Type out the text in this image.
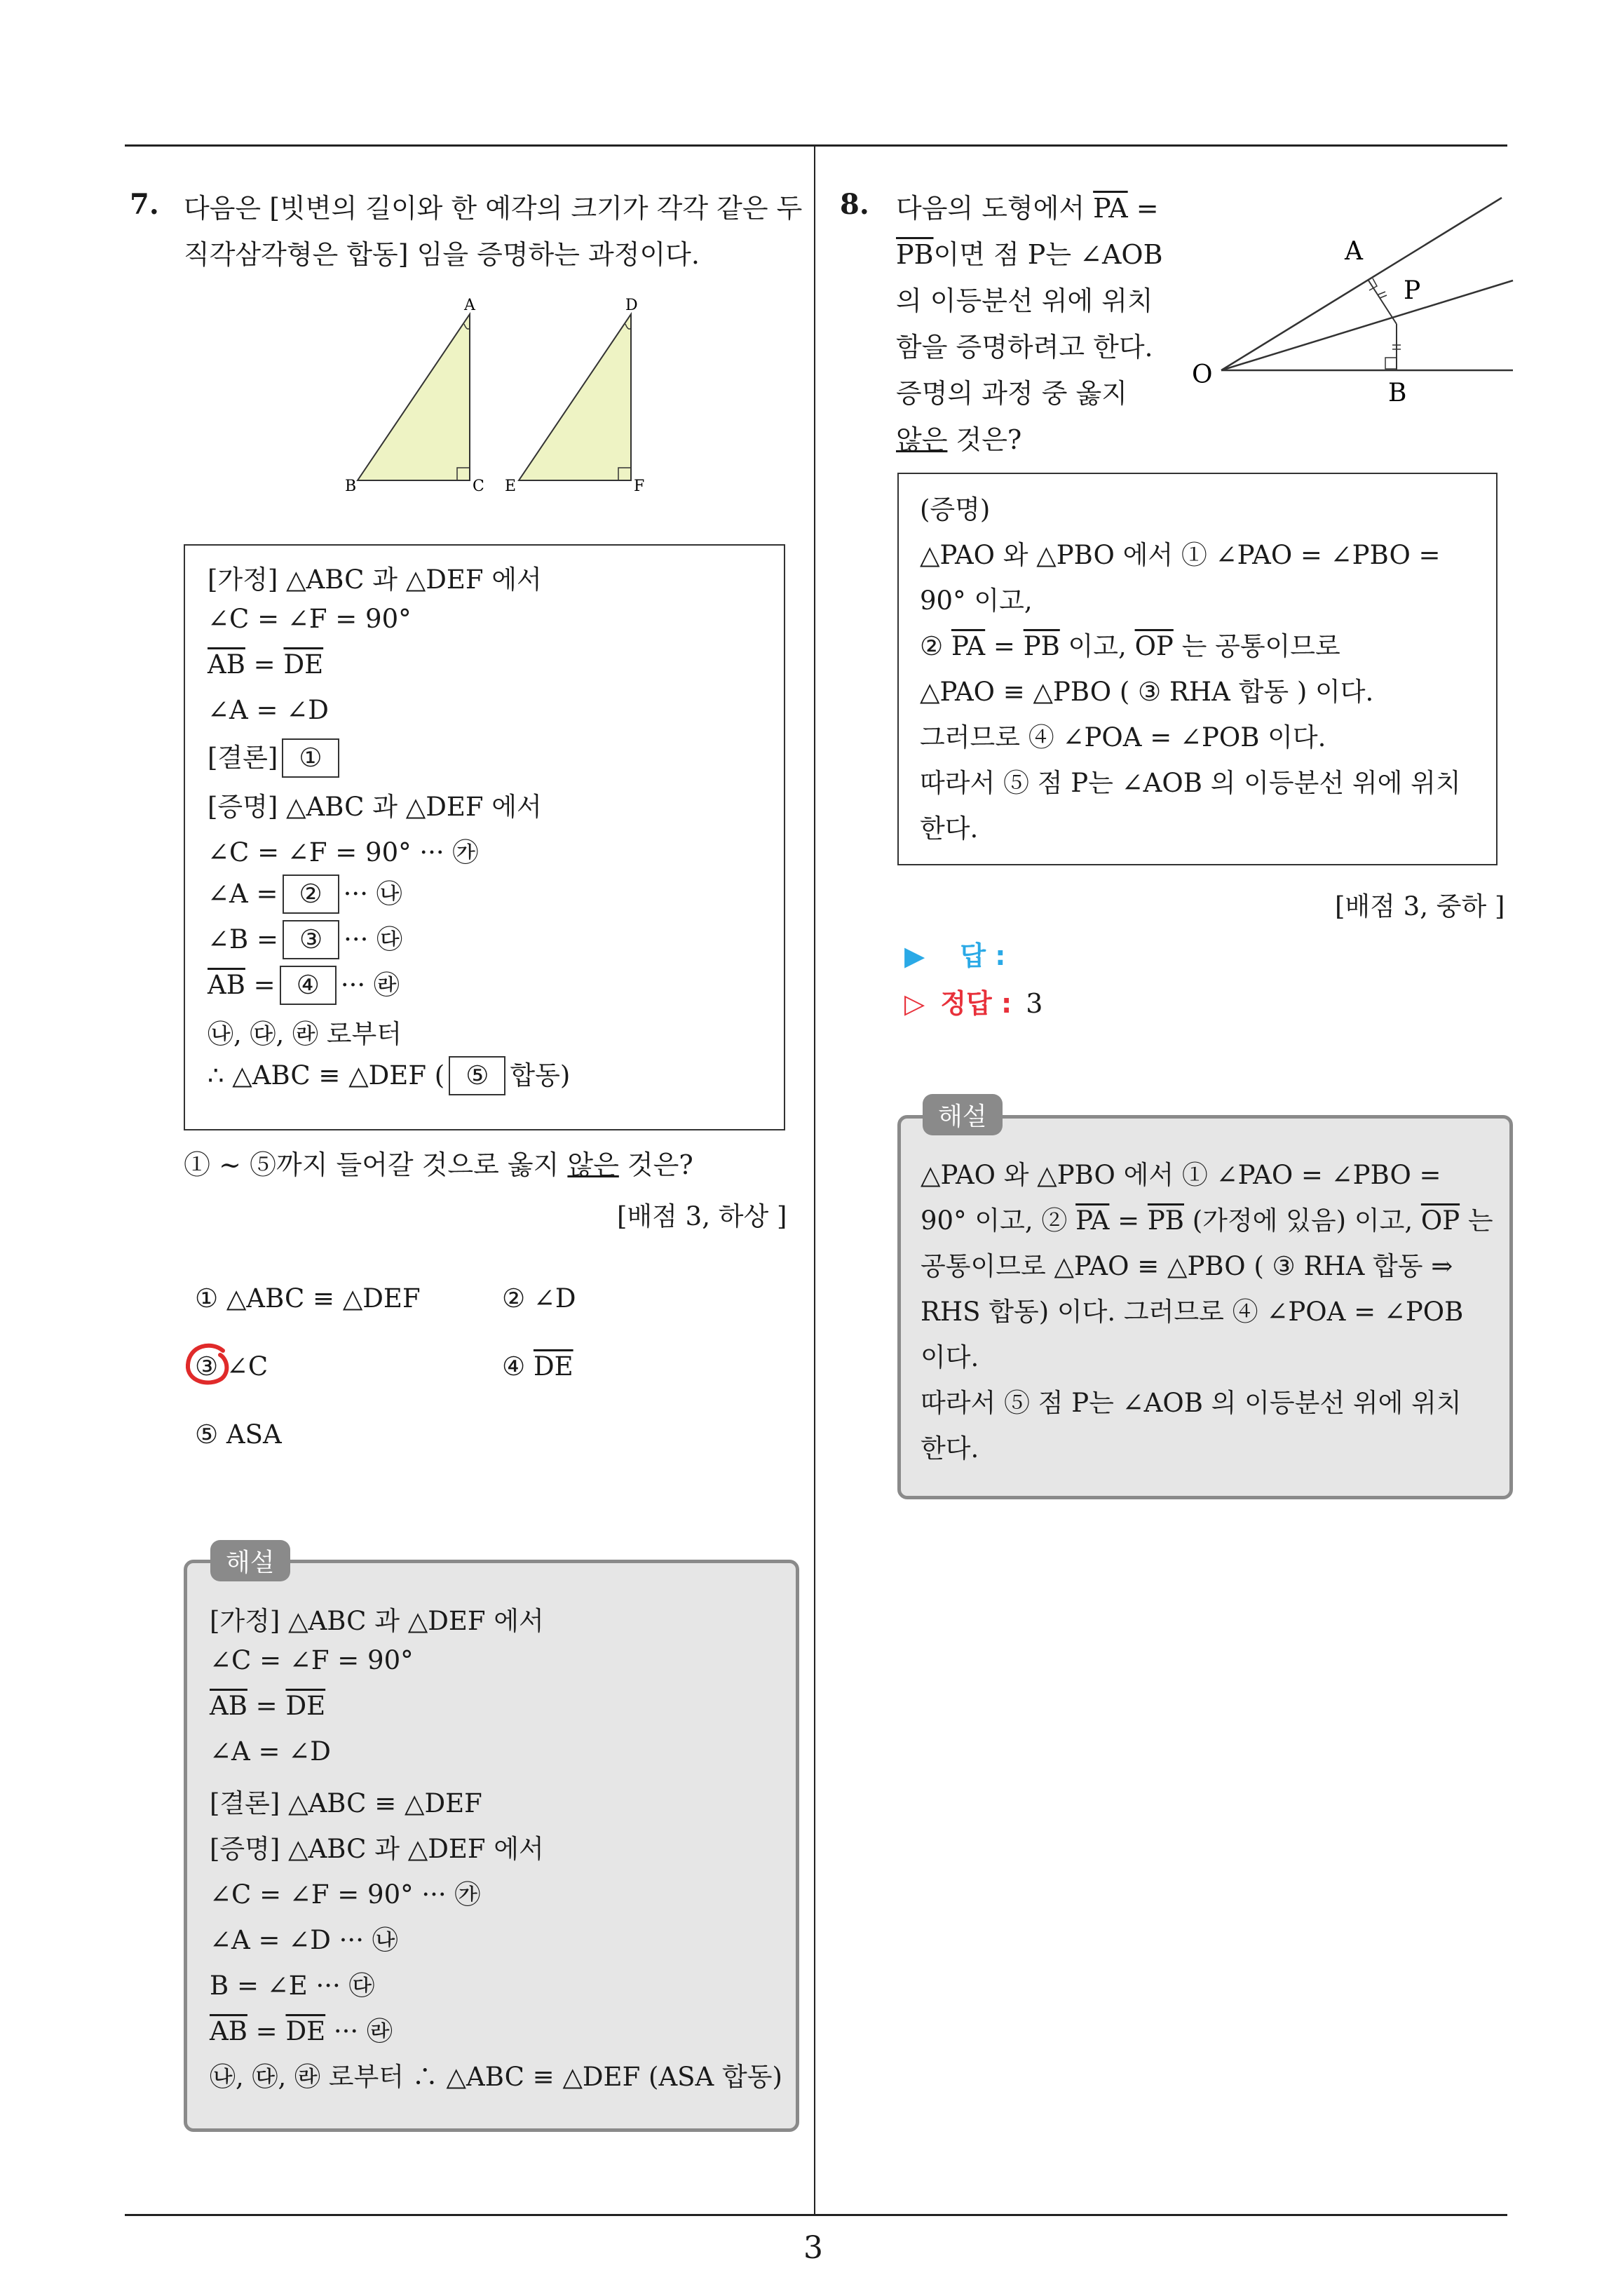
7. 다음은 [빗변의 길이와 한 예각의 크기가 각각 같은 두
직각삼각형은 합동] 임을 증명하는 과정이다.
A
B	C
D
E	F
[가정] △ABC 과 △DEF 에서
∠C = ∠F = 90°
$\overline{AB} = \overline{DE}$
∠A = ∠D
[결론] ①
[증명] △ABC 과 △DEF 에서
∠C = ∠F = 90° ··· ㉮
∠A = ② ··· ㉯
∠B = ③ ··· ㉰
$\overline{AB}$ = ④ ··· ㉱
㉯, ㉰, ㉱ 로부터
∴ △ABC ≡ △DEF ( ⑤ 합동)
① ~ ⑤까지 들어갈 것으로 옳지 않은 것은?
[배점 3, 하상 ]
① △ABC ≡ △DEF	② ∠D
③ ∠C	④ $\overline{DE}$
⑤ ASA
[가정] △ABC 과 △DEF 에서
∠C = ∠F = 90°
$\overline{AB} = \overline{DE}$
∠A = ∠D
[결론] △ABC ≡ △DEF
[증명] △ABC 과 △DEF 에서
∠C = ∠F = 90° ··· ㉮
∠A = ∠D ··· ㉯
B = ∠E ··· ㉰
$\overline{AB} = \overline{DE}$ ··· ㉱
㉯, ㉰, ㉱ 로부터 ∴ △ABC ≡ △DEF (ASA 합동)
해설
8. 다음의 도형에서 $\overline{PA}$ =
$\overline{PB}$이면 점 P는 ∠AOB
의 이등분선 위에 위치
함을 증명하려고 한다.
증명의 과정 중 옳지
않은 것은?
A
P
O
B
(증명)
△PAO 와 △PBO 에서 ① ∠PAO = ∠PBO =
90° 이고,
② $\overline{PA} = \overline{PB}$ 이고, $\overline{OP}$ 는 공통이므로
△PAO ≡ △PBO ( ③ RHA 합동 ) 이다.
그러므로 ④ ∠POA = ∠POB 이다.
따라서 ⑤ 점 P는 ∠AOB 의 이등분선 위에 위치
한다.
[배점 3, 중하 ]
▶ 답 :
▷ 정답 : 3
△PAO 와 △PBO 에서 ① ∠PAO = ∠PBO =
90° 이고, ② $\overline{PA} = \overline{PB}$ (가정에 있음) 이고, $\overline{OP}$ 는
공통이므로 △PAO ≡ △PBO ( ③ RHA 합동 ⇒
RHS 합동) 이다. 그러므로 ④ ∠POA = ∠POB
이다.
따라서 ⑤ 점 P는 ∠AOB 의 이등분선 위에 위치
한다.
해설
3
